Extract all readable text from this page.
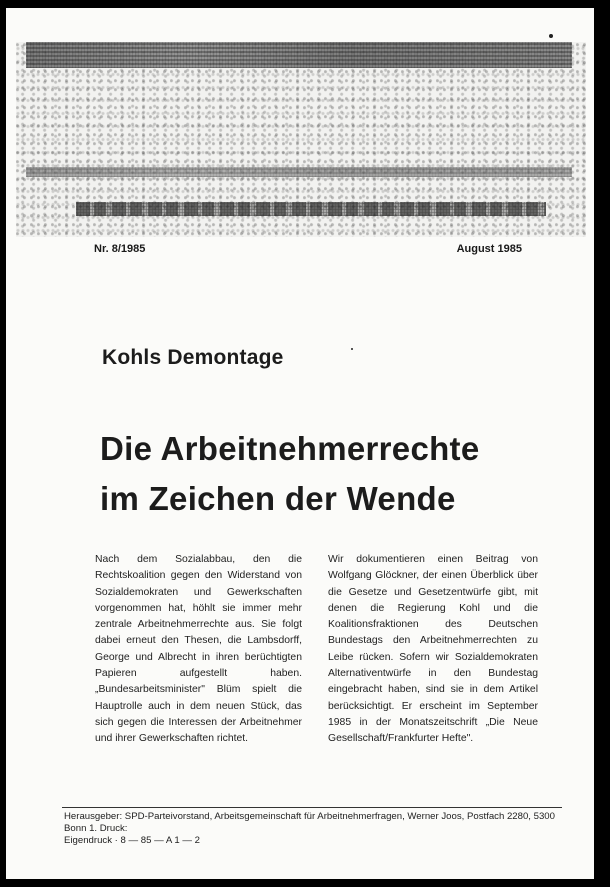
Nr. 8/1985	August 1985
Kohls Demontage
Die Arbeitnehmerrechte
im Zeichen der Wende
Nach dem Sozialabbau, den die Rechtskoalition gegen den Widerstand von Sozialdemokraten und Gewerkschaften vorgenommen hat, höhlt sie immer mehr zentrale Arbeitnehmerrechte aus. Sie folgt dabei erneut den Thesen, die Lambsdorff, George und Albrecht in ihren berüchtigten Papieren aufgestellt haben. „Bundesarbeitsminister" Blüm spielt die Hauptrolle auch in dem neuen Stück, das sich gegen die Interessen der Arbeitnehmer und ihrer Gewerkschaften richtet.
Wir dokumentieren einen Beitrag von Wolfgang Glöckner, der einen Überblick über die Gesetze und Gesetzentwürfe gibt, mit denen die Regierung Kohl und die Koalitionsfraktionen des Deutschen Bundestags den Arbeitnehmerrechten zu Leibe rücken. Sofern wir Sozialdemokraten Alternativentwürfe in den Bundestag eingebracht haben, sind sie in dem Artikel berücksichtigt. Er erscheint im September 1985 in der Monatszeitschrift „Die Neue Gesellschaft/Frankfurter Hefte".
Herausgeber: SPD-Parteivorstand, Arbeitsgemeinschaft für Arbeitnehmerfragen, Werner Joos, Postfach 2280, 5300 Bonn 1. Druck:
Eigendruck · 8 — 85 — A 1 — 2
